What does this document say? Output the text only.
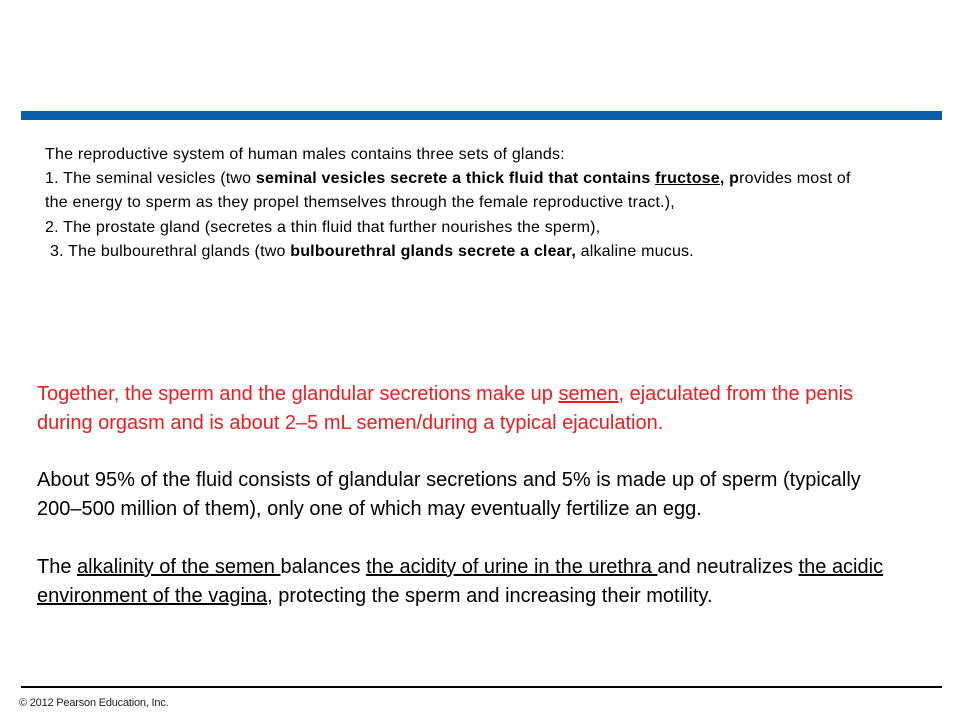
The reproductive system of human males contains three sets of glands:

1. The seminal vesicles (two seminal vesicles secrete a thick fluid that contains fructose, provides most of the energy to sperm as they propel themselves through the female reproductive tract.),

2. The prostate gland (secretes a thin fluid that further nourishes the sperm),

3. The bulbourethral glands (two bulbourethral glands secrete a clear, alkaline mucus.

Together, the sperm and the glandular secretions make up semen, ejaculated from the penis during orgasm and is about 2–5 mL semen/during a typical ejaculation.

About 95% of the fluid consists of glandular secretions and 5% is made up of sperm (typically 200–500 million of them), only one of which may eventually fertilize an egg.

The alkalinity of the semen balances the acidity of urine in the urethra and neutralizes the acidic environment of the vagina, protecting the sperm and increasing their motility.

© 2012 Pearson Education, Inc.
